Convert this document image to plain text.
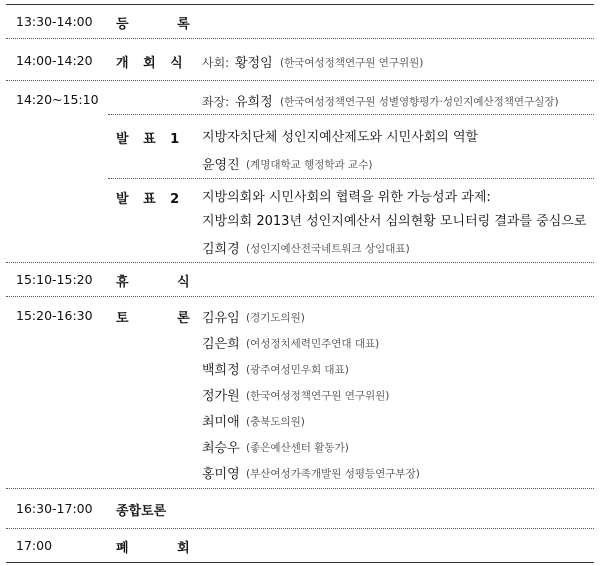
13:30-14:00 등 록
14:00-14:20 개 회 식 사회: 황정임 (한국여성정책연구원 연구위원)
14:20~15:10	좌장: 유희정 (한국여성정책연구원 성별영향평가·성인지예산정책연구실장)
발 표 1 지방자치단체 성인지예산제도와 시민사회의 역할
윤영진 (계명대학교 행정학과 교수)
발 표 2 지방의회와 시민사회의 협력을 위한 가능성과 과제:
지방의회 2013년 성인지예산서 심의현황 모니터링 결과를 중심으로
김희경 (성인지예산전국네트워크 상임대표)
15:10-15:20 휴 식
15:20-16:30 토 론
김유임 (경기도의원)
김은희 (여성정치세력민주연대 대표)
백희정 (광주여성민우회 대표)
정가원 (한국여성정책연구원 연구위원)
최미애 (충북도의원)
최승우 (좋은예산센터 활동가)
홍미영 (부산여성가족개발원 성평등연구부장)
16:30-17:00 종합토론
17:00	폐 회
